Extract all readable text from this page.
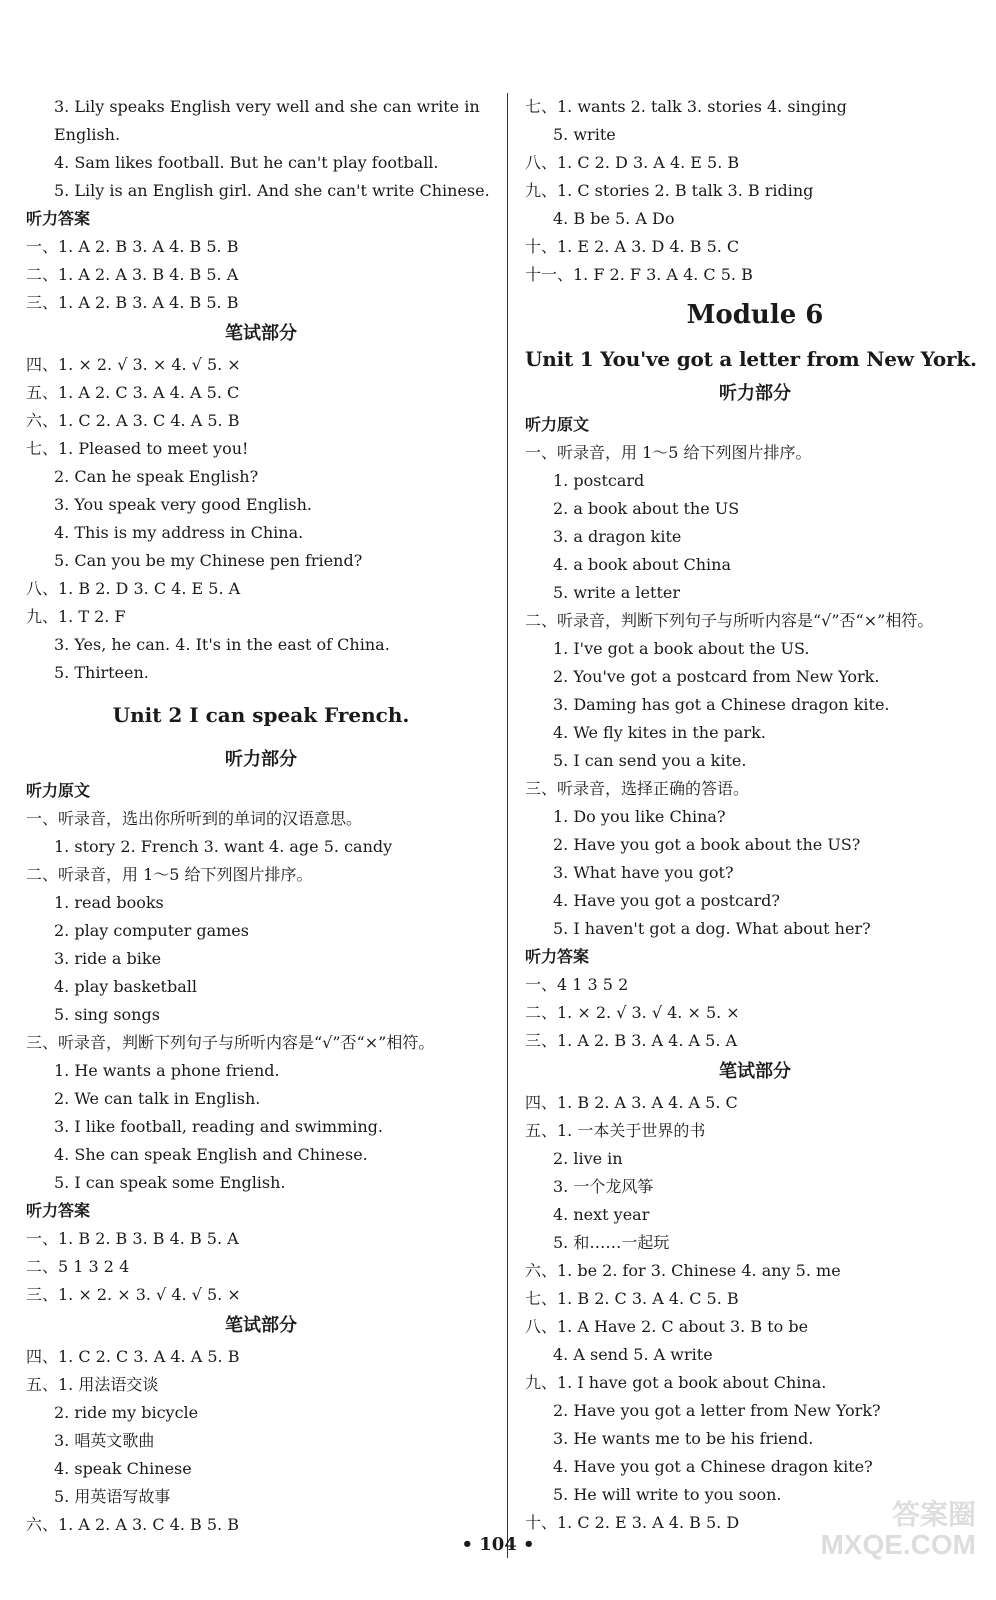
3. Lily speaks English very well and she can write in
English.
4. Sam likes football. But he can't play football.
5. Lily is an English girl. And she can't write Chinese.
听力答案
一、1. A 2. B 3. A 4. B 5. B
二、1. A 2. A 3. B 4. B 5. A
三、1. A 2. B 3. A 4. B 5. B
笔试部分
四、1. × 2. √ 3. × 4. √ 5. ×
五、1. A 2. C 3. A 4. A 5. C
六、1. C 2. A 3. C 4. A 5. B
七、1. Pleased to meet you!
2. Can he speak English?
3. You speak very good English.
4. This is my address in China.
5. Can you be my Chinese pen friend?
八、1. B 2. D 3. C 4. E 5. A
九、1. T 2. F
3. Yes, he can. 4. It's in the east of China.
5. Thirteen.
Unit 2 I can speak French.
听力部分
听力原文
一、听录音，选出你所听到的单词的汉语意思。
1. story 2. French 3. want 4. age 5. candy
二、听录音，用 1～5 给下列图片排序。
1. read books
2. play computer games
3. ride a bike
4. play basketball
5. sing songs
三、听录音，判断下列句子与所听内容是“√”否“×”相符。
1. He wants a phone friend.
2. We can talk in English.
3. I like football, reading and swimming.
4. She can speak English and Chinese.
5. I can speak some English.
听力答案
一、1. B 2. B 3. B 4. B 5. A
二、5 1 3 2 4
三、1. × 2. × 3. √ 4. √ 5. ×
笔试部分
四、1. C 2. C 3. A 4. A 5. B
五、1. 用法语交谈
2. ride my bicycle
3. 唱英文歌曲
4. speak Chinese
5. 用英语写故事
六、1. A 2. A 3. C 4. B 5. B
七、1. wants 2. talk 3. stories 4. singing
5. write
八、1. C 2. D 3. A 4. E 5. B
九、1. C stories 2. B talk 3. B riding
4. B be 5. A Do
十、1. E 2. A 3. D 4. B 5. C
十一、1. F 2. F 3. A 4. C 5. B
Module 6
Unit 1 You've got a letter from New York.
听力部分
听力原文
一、听录音，用 1～5 给下列图片排序。
1. postcard
2. a book about the US
3. a dragon kite
4. a book about China
5. write a letter
二、听录音，判断下列句子与所听内容是“√”否“×”相符。
1. I've got a book about the US.
2. You've got a postcard from New York.
3. Daming has got a Chinese dragon kite.
4. We fly kites in the park.
5. I can send you a kite.
三、听录音，选择正确的答语。
1. Do you like China?
2. Have you got a book about the US?
3. What have you got?
4. Have you got a postcard?
5. I haven't got a dog. What about her?
听力答案
一、4 1 3 5 2
二、1. × 2. √ 3. √ 4. × 5. ×
三、1. A 2. B 3. A 4. A 5. A
笔试部分
四、1. B 2. A 3. A 4. A 5. C
五、1. 一本关于世界的书
2. live in
3. 一个龙风筝
4. next year
5. 和……一起玩
六、1. be 2. for 3. Chinese 4. any 5. me
七、1. B 2. C 3. A 4. C 5. B
八、1. A Have 2. C about 3. B to be
4. A send 5. A write
九、1. I have got a book about China.
2. Have you got a letter from New York?
3. He wants me to be his friend.
4. Have you got a Chinese dragon kite?
5. He will write to you soon.
十、1. C 2. E 3. A 4. B 5. D
• 104 •
答案圈 MXQE.COM
